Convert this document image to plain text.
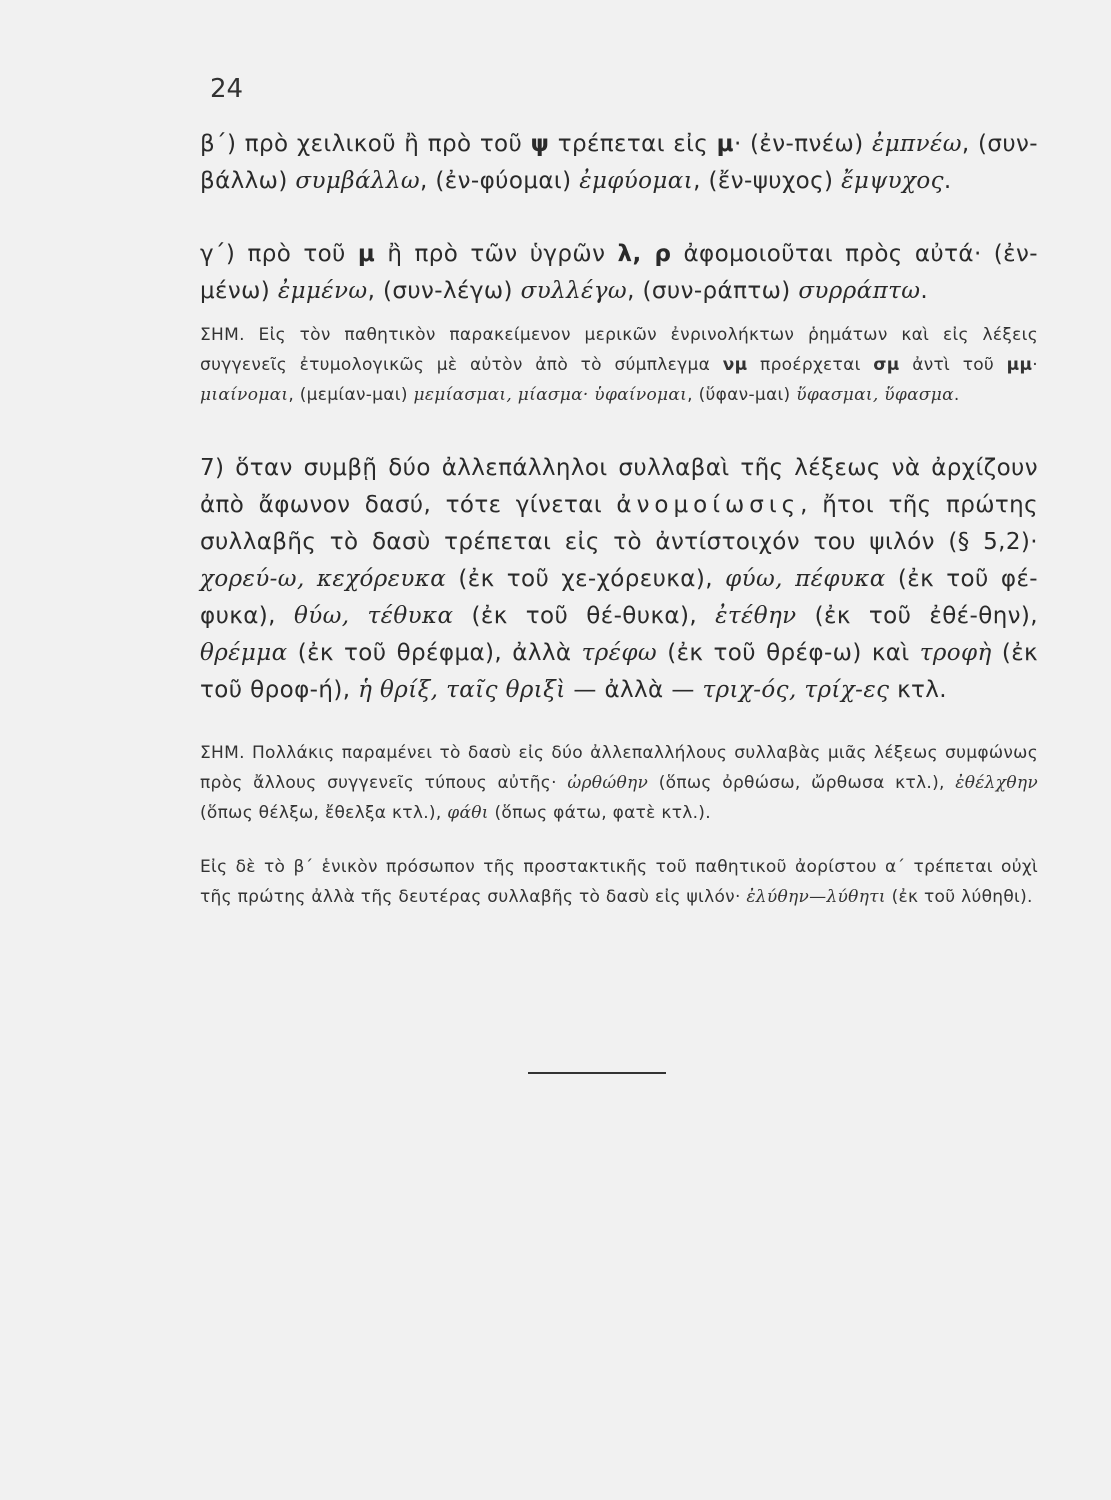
24

β΄) πρὸ χειλικοῦ ἢ πρὸ τοῦ ψ τρέπεται εἰς μ· (ἐν-πνέω) ἐμπνέω, (συν-βάλλω) συμβάλλω, (ἐν-φύομαι) ἐμφύομαι, (ἔν-ψυχος) ἔμψυχος.

γ΄) πρὸ τοῦ μ ἢ πρὸ τῶν ὑγρῶν λ, ρ ἀφομοιοῦται πρὸς αὐτά· (ἐν-μένω) ἐμμένω, (συν-λέγω) συλλέγω, (συν-ράπτω) συρράπτω.

ΣΗΜ. Εἰς τὸν παθητικὸν παρακείμενον μερικῶν ἐνρινολήκτων ῥημάτων καὶ εἰς λέξεις συγγενεῖς ἐτυμολογικῶς μὲ αὐτὸν ἀπὸ τὸ σύμπλεγμα νμ προέρχεται σμ ἀντὶ τοῦ μμ· μιαίνομαι, (μεμίαν-μαι) μεμίασμαι, μίασμα· ὑφαίνομαι, (ὕφαν-μαι) ὕφασμαι, ὕφασμα.

7) ὅταν συμβῇ δύο ἀλλεπάλληλοι συλλαβαὶ τῆς λέξεως νὰ ἀρχίζουν ἀπὸ ἄφωνον δασύ, τότε γίνεται ἀνομοίωσις, ἤτοι τῆς πρώτης συλλαβῆς τὸ δασὺ τρέπεται εἰς τὸ ἀντίστοιχόν του ψιλόν (§ 5,2)· χορεύ-ω, κεχόρευκα (ἐκ τοῦ χε-χόρευκα), φύω, πέφυκα (ἐκ τοῦ φέ-φυκα), θύω, τέθυκα (ἐκ τοῦ θέ-θυκα), ἐτέθην (ἐκ τοῦ ἐθέ-θην), θρέμμα (ἐκ τοῦ θρέφμα), ἀλλὰ τρέφω (ἐκ τοῦ θρέφ-ω) καὶ τροφὴ (ἐκ τοῦ θροφ-ή), ἡ θρίξ, ταῖς θριξὶ — ἀλλὰ — τριχ-ός, τρίχ-ες κτλ.

ΣΗΜ. Πολλάκις παραμένει τὸ δασὺ εἰς δύο ἀλλεπαλλήλους συλλαβὰς μιᾶς λέξεως συμφώνως πρὸς ἄλλους συγγενεῖς τύπους αὐτῆς· ὠρθώθην (ὅπως ὀρθώσω, ὤρθωσα κτλ.), ἐθέλχθην (ὅπως θέλξω, ἔθελξα κτλ.), φάθι (ὅπως φάτω, φατὲ κτλ.).

Εἰς δὲ τὸ β΄ ἑνικὸν πρόσωπον τῆς προστακτικῆς τοῦ παθητικοῦ ἀορίστου α΄ τρέπεται οὐχὶ τῆς πρώτης ἀλλὰ τῆς δευτέρας συλλαβῆς τὸ δασὺ εἰς ψιλόν· ἐλύθην—λύθητι (ἐκ τοῦ λύθηθι).
